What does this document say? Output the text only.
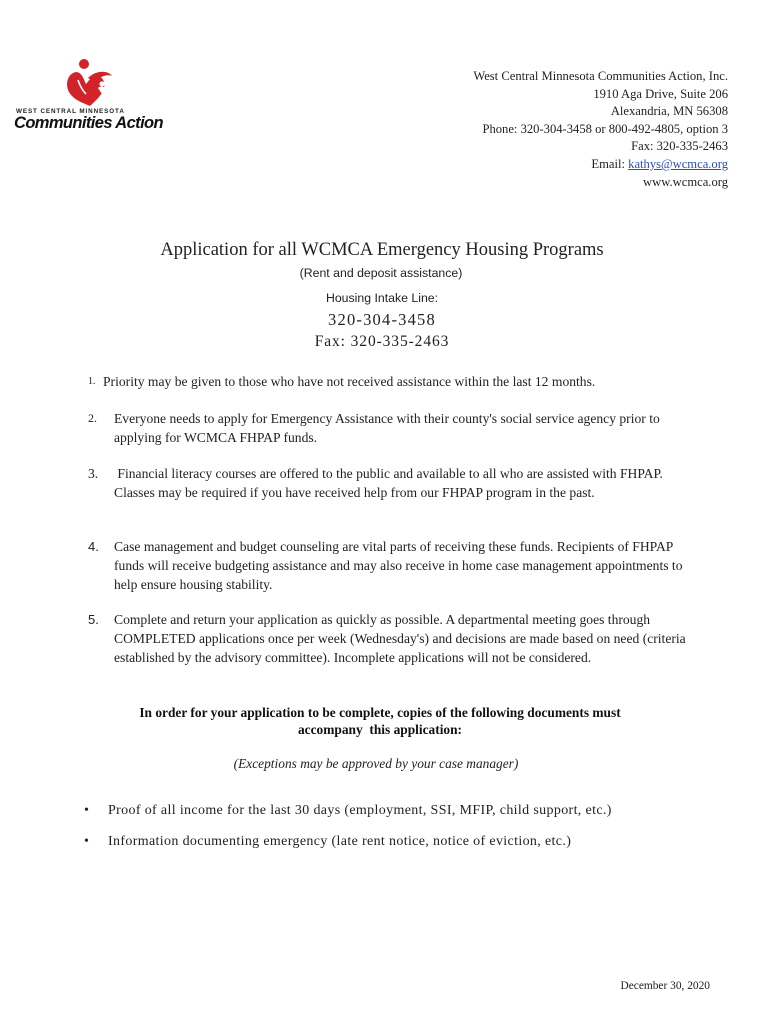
WEST CENTRAL MINNESOTA
Communities Action
West Central Minnesota Communities Action, Inc.
1910 Aga Drive, Suite 206
Alexandria, MN 56308
Phone: 320-304-3458 or 800-492-4805, option 3
Fax: 320-335-2463
Email: kathys@wcmca.org
www.wcmca.org
Application for all WCMCA Emergency Housing Programs
(Rent and deposit assistance)
Housing Intake Line:
320-304-3458
Fax: 320-335-2463
1. Priority may be given to those who have not received assistance within the last 12 months.
2.	Everyone needs to apply for Emergency Assistance with their county's social service agency prior to applying for WCMCA FHPAP funds.
3.	Financial literacy courses are offered to the public and available to all who are assisted with FHPAP. Classes may be required if you have received help from our FHPAP program in the past.
4.	Case management and budget counseling are vital parts of receiving these funds. Recipients of FHPAP funds will receive budgeting assistance and may also receive in home case management appointments to help ensure housing stability.
5.	Complete and return your application as quickly as possible. A departmental meeting goes through COMPLETED applications once per week (Wednesday's) and decisions are made based on need (criteria established by the advisory committee). Incomplete applications will not be considered.
In order for your application to be complete, copies of the following documents must
accompany  this application:
(Exceptions may be approved by your case manager)
•	Proof of all income for the last 30 days (employment, SSI, MFIP, child support, etc.)
•	Information documenting emergency (late rent notice, notice of eviction, etc.)
December 30, 2020
